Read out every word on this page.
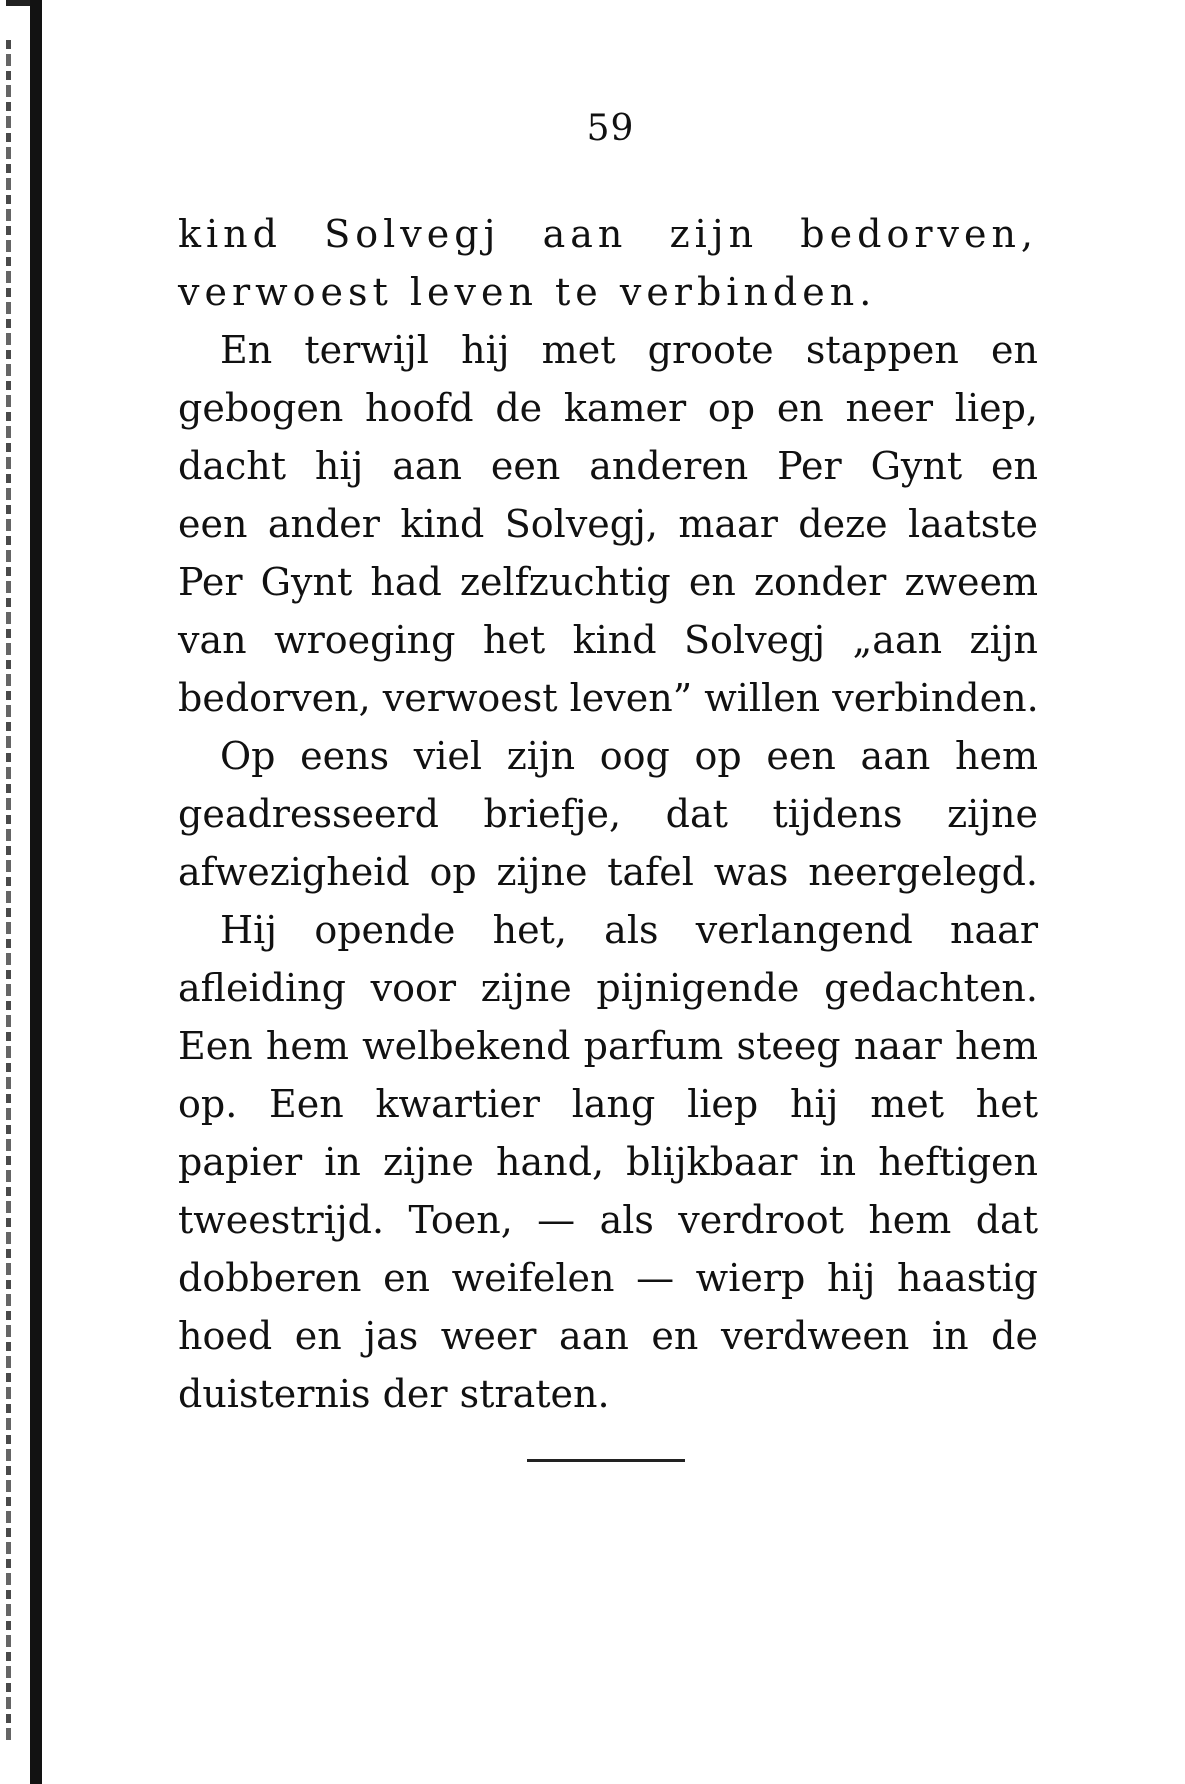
59
kind Solvegj aan zijn bedorven,
verwoest leven te verbinden.
En terwijl hij met groote stappen en
gebogen hoofd de kamer op en neer liep,
dacht hij aan een anderen Per Gynt en
een ander kind Solvegj, maar deze laatste
Per Gynt had zelfzuchtig en zonder zweem
van wroeging het kind Solvegj „aan zijn
bedorven, verwoest leven” willen verbinden.
Op eens viel zijn oog op een aan hem
geadresseerd briefje, dat tijdens zijne
afwezigheid op zijne tafel was neergelegd.
Hij opende het, als verlangend naar
afleiding voor zijne pijnigende gedachten.
Een hem welbekend parfum steeg naar hem
op. Een kwartier lang liep hij met het
papier in zijne hand, blijkbaar in heftigen
tweestrijd. Toen, — als verdroot hem dat
dobberen en weifelen — wierp hij haastig
hoed en jas weer aan en verdween in de
duisternis der straten.
